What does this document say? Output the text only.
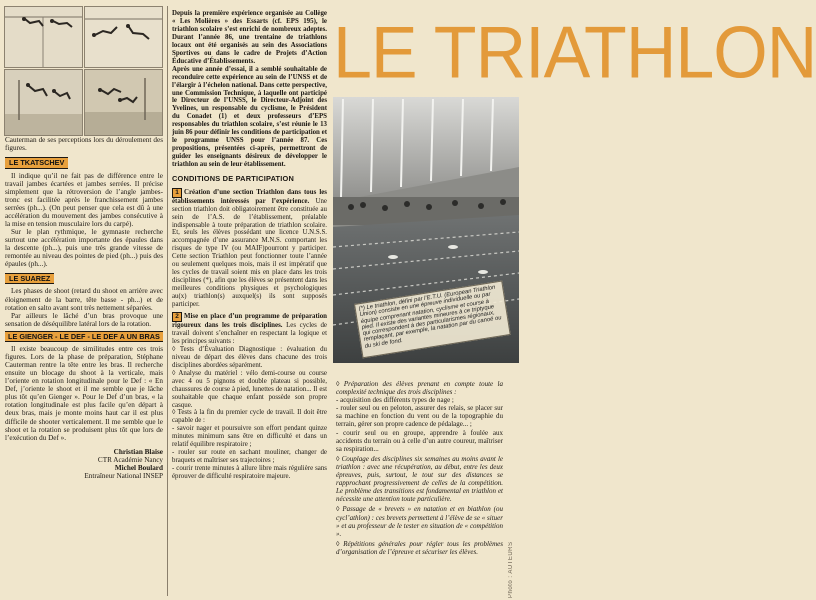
Cauterman de ses perceptions lors du déroulement des figures.

LE TKATSCHEV

Il indique qu’il ne fait pas de différence entre le travail jambes écartées et jambes serrées. Il précise simplement que la rétroversion de l’angle jambes-tronc est facilitée après le franchissement jambes serrées (ph...). (On peut penser que cela est dû à une accélération du mouvement des jambes consécutive à la mise en tension musculaire lors du carpé).

Sur le plan rythmique, le gymnaste recherche surtout une accélération importante des épaules dans la descente (ph...), puis une très grande vitesse de remontée au niveau des pointes de pied (ph...) puis des épaules (ph...).

LE SUAREZ

Les phases de shoot (retard du shoot en arrière avec éloignement de la barre, tête basse - ph...) et de rotation en salto avant sont très nettement séparées.

Par ailleurs le lâché d’un bras provoque une sensation de déséquilibre latéral lors de la rotation.

LE GIENGER - LE DEF - LE DEF A UN BRAS

Il existe beaucoup de similitudes entre ces trois figures. Lors de la phase de préparation, Stéphane Cauterman rentre la tête entre les bras. Il recherche ensuite un blocage du shoot à la verticale, mais l’oriente en rotation longitudinale pour le Def : « En Def, j’oriente le shoot et il me semble que je lâche plus tôt qu’en Gienger ». Pour le Def d’un bras, « la rotation longitudinale est plus facile qu’en départ à deux bras, mais je monte moins haut car il est plus difficile de shooter verticalement. Il me semble que le shoot et la rotation se produisent plus tôt que lors de l’exécution du Def ».

Christian Blaise
CTR Académie Nancy
Michel Boulard
Entraîneur National INSEP

Depuis la première expérience organisée au Collège « Les Molières » des Essarts (cf. EPS 195), le triathlon scolaire s’est enrichi de nombreux adeptes. Durant l’année 86, une trentaine de triathlons locaux ont été organisés au sein des Associations Sportives ou dans le cadre de Projets d’Action Éducative d’Établissements.

Après une année d’essai, il a semblé souhaitable de reconduire cette expérience au sein de l’UNSS et de l’élargir à l’échelon national. Dans cette perspective, une Commission Technique, à laquelle ont participé le Directeur de l’UNSS, le Directeur-Adjoint des Yvelines, un responsable du cyclisme, le Président du Conadet (1) et deux professeurs d’EPS responsables du triathlon scolaire, s’est réunie le 13 juin 86 pour définir les conditions de participation et le programme UNSS pour l’année 87. Ces propositions, présentées ci-après, permettront de guider les enseignants désireux de développer le triathlon au sein de leur établissement.

CONDITIONS DE PARTICIPATION

1 Création d’une section Triathlon dans tous les établissements intéressés par l’expérience. Une section triathlon doit obligatoirement être constituée au sein de l’A.S. de l’établissement, préalable indispensable à toute préparation de triathlon scolaire. Et, seuls les élèves possédant une licence U.N.S.S. accompagnée d’une assurance M.N.S. comportant les risques de type IV (ou MAIF)pourront y participer. Cette section Triathlon peut fonctionner toute l’année ou seulement quelques mois, mais il est impératif que les cycles de travail soient mis en place dans les trois disciplines (*), afin que les élèves se présentent dans les meilleures conditions physiques et psychologiques au(x) triathlon(s) auxquel(s) ils sont supposés participer.

2 Mise en place d’un programme de préparation rigoureux dans les trois disciplines. Les cycles de travail doivent s’enchaîner en respectant la logique et les principes suivants :

◊ Tests d’Évaluation Diagnostique : évaluation du niveau de départ des élèves dans chacune des trois disciplines abordées séparément.

◊ Analyse du matériel : vélo demi-course ou course avec 4 ou 5 pignons et double plateau si possible, chaussures de course à pied, lunettes de natation... Il est souhaitable que chaque enfant possède son propre casque.

◊ Tests à la fin du premier cycle de travail. Il doit être capable de :

- savoir nager et poursuivre son effort pendant quinze minutes minimum sans être en difficulté et dans un relatif équilibre respiratoire ;

- rouler sur route en sachant mouliner, changer de braquets et maîtriser ses trajectoires ;

- courir trente minutes à allure libre mais régulière sans éprouver de difficulté respiratoire majeure.

LE TRIATHLON
(*) Le triathlon, défini par l’E.T.U. (European Triathlon Union) consiste en une épreuve individuelle ou par équipe comprenant natation, cyclisme et course à pied. Il existe des variantes mineures à ce triptyque qui correspondent à des particularismes régionaux, remplaçant, par exemple, la natation par du canoë ou du ski de fond.

◊ Préparation des élèves prenant en compte toute la complexité technique des trois disciplines :

- acquisition des différents types de nage ;

- rouler seul ou en peloton, assurer des relais, se placer sur sa machine en fonction du vent ou de la topographie du terrain, gérer son propre cadence de pédalage... ;

- courir seul ou en groupe, apprendre à foulée aux accidents du terrain ou à celle d’un autre coureur, maîtriser sa respiration...

◊ Couplage des disciplines six semaines au moins avant le triathlon : avec une récupération, au début, entre les deux épreuves, puis, surtout, le tout sur des distances se rapprochant progressivement de celles de la compétition. Le problème des transitions est fondamental en triathlon et nécessite une attention toute particulière.

◊ Passage de « brevets » en natation et en biathlon (ou cycl’athlon) : ces brevets permettent à l’élève de se « situer » et au professeur de le tester en situation de « compétition ».

◊ Répétitions générales pour régler tous les problèmes d’organisation de l’épreuve et sécuriser les élèves.	Photo : AUTEURS
